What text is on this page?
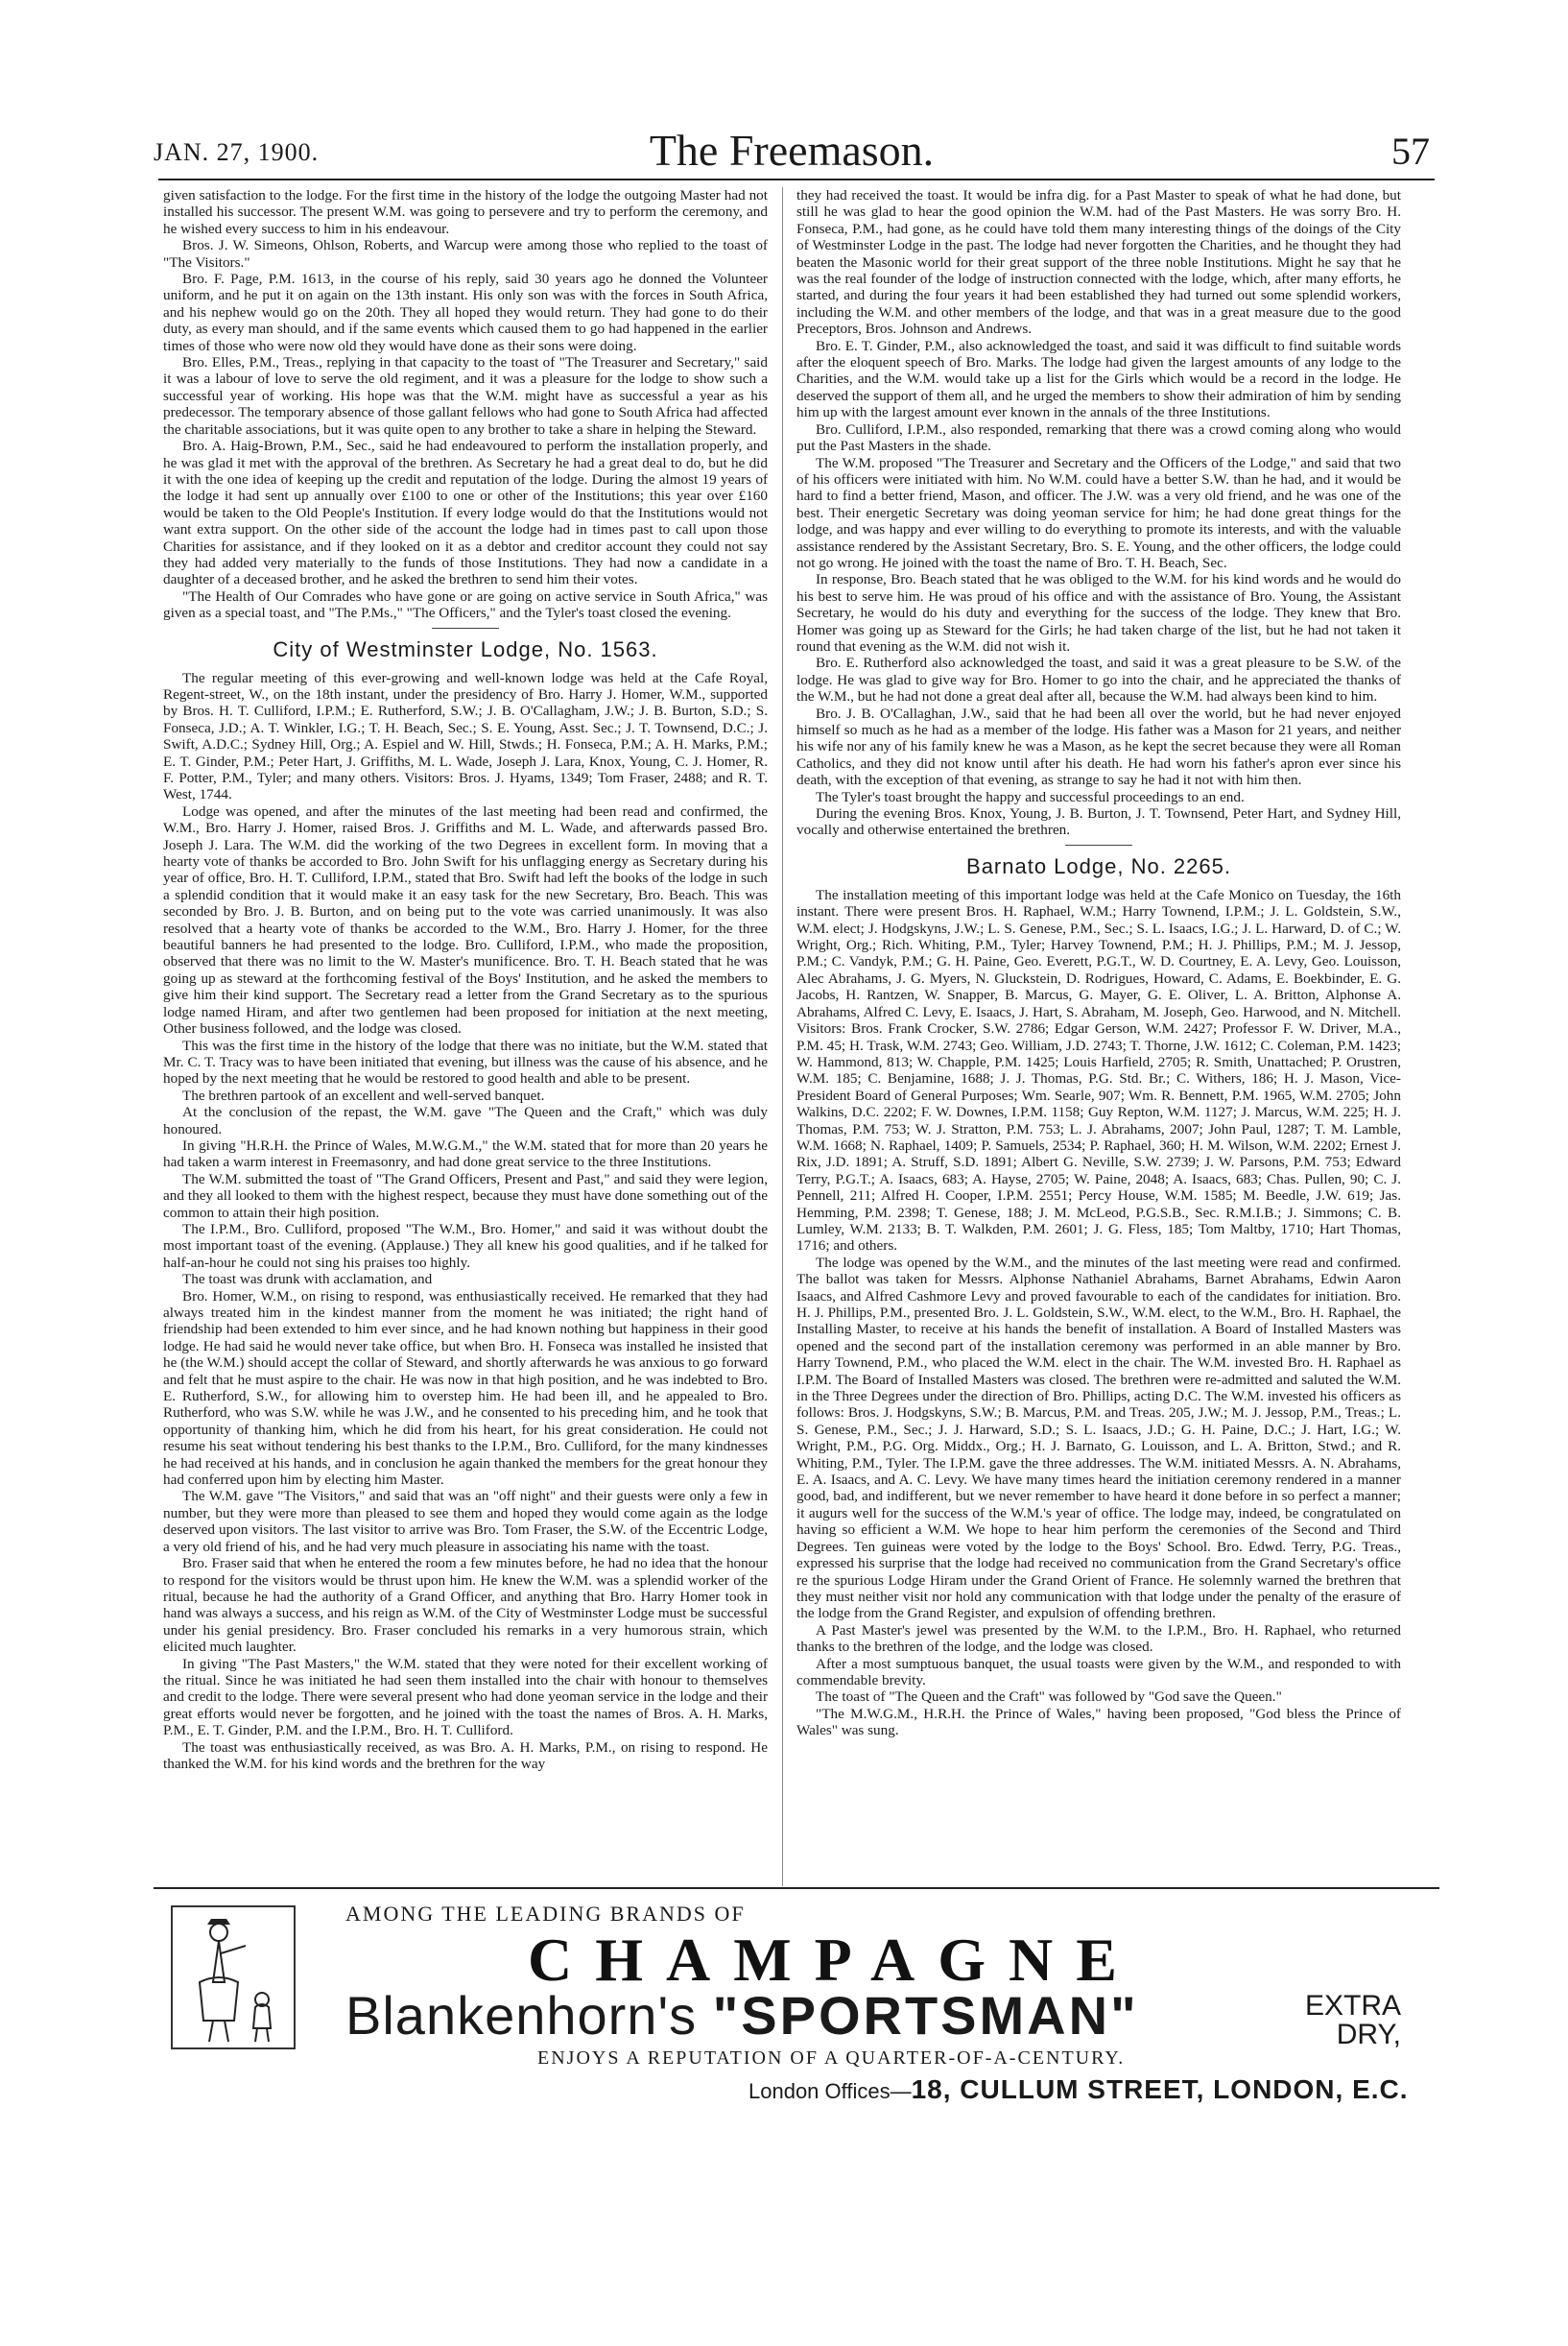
JAN. 27, 1900.	The Freemason.	57

given satisfaction to the lodge. For the first time in the history of the lodge the outgoing Master had not installed his successor. The present W.M. was going to persevere and try to perform the ceremony, and he wished every success to him in his endeavour.

Bros. J. W. Simeons, Ohlson, Roberts, and Warcup were among those who replied to the toast of "The Visitors."

Bro. F. Page, P.M. 1613, in the course of his reply, said 30 years ago he donned the Volunteer uniform, and he put it on again on the 13th instant. His only son was with the forces in South Africa, and his nephew would go on the 20th. They all hoped they would return. They had gone to do their duty, as every man should, and if the same events which caused them to go had happened in the earlier times of those who were now old they would have done as their sons were doing.

Bro. Elles, P.M., Treas., replying in that capacity to the toast of "The Treasurer and Secretary," said it was a labour of love to serve the old regiment, and it was a pleasure for the lodge to show such a successful year of working. His hope was that the W.M. might have as successful a year as his predecessor. The temporary absence of those gallant fellows who had gone to South Africa had affected the charitable associations, but it was quite open to any brother to take a share in helping the Steward.

Bro. A. Haig-Brown, P.M., Sec., said he had endeavoured to perform the installation properly, and he was glad it met with the approval of the brethren. As Secretary he had a great deal to do, but he did it with the one idea of keeping up the credit and reputation of the lodge. During the almost 19 years of the lodge it had sent up annually over £100 to one or other of the Institutions; this year over £160 would be taken to the Old People's Institution. If every lodge would do that the Institutions would not want extra support. On the other side of the account the lodge had in times past to call upon those Charities for assistance, and if they looked on it as a debtor and creditor account they could not say they had added very materially to the funds of those Institutions. They had now a candidate in a daughter of a deceased brother, and he asked the brethren to send him their votes.

"The Health of Our Comrades who have gone or are going on active service in South Africa," was given as a special toast, and "The P.Ms.," "The Officers," and the Tyler's toast closed the evening.

City of Westminster Lodge, No. 1563.

The regular meeting of this ever-growing and well-known lodge was held at the Cafe Royal, Regent-street, W., on the 18th instant, under the presidency of Bro. Harry J. Homer, W.M., supported by Bros. H. T. Culliford, I.P.M.; E. Rutherford, S.W.; J. B. O'Callagham, J.W.; J. B. Burton, S.D.; S. Fonseca, J.D.; A. T. Winkler, I.G.; T. H. Beach, Sec.; S. E. Young, Asst. Sec.; J. T. Townsend, D.C.; J. Swift, A.D.C.; Sydney Hill, Org.; A. Espiel and W. Hill, Stwds.; H. Fonseca, P.M.; A. H. Marks, P.M.; E. T. Ginder, P.M.; Peter Hart, J. Griffiths, M. L. Wade, Joseph J. Lara, Knox, Young, C. J. Homer, R. F. Potter, P.M., Tyler; and many others. Visitors: Bros. J. Hyams, 1349; Tom Fraser, 2488; and R. T. West, 1744.

Lodge was opened, and after the minutes of the last meeting had been read and confirmed, the W.M., Bro. Harry J. Homer, raised Bros. J. Griffiths and M. L. Wade, and afterwards passed Bro. Joseph J. Lara. The W.M. did the working of the two Degrees in excellent form. In moving that a hearty vote of thanks be accorded to Bro. John Swift for his unflagging energy as Secretary during his year of office, Bro. H. T. Culliford, I.P.M., stated that Bro. Swift had left the books of the lodge in such a splendid condition that it would make it an easy task for the new Secretary, Bro. Beach. This was seconded by Bro. J. B. Burton, and on being put to the vote was carried unanimously. It was also resolved that a hearty vote of thanks be accorded to the W.M., Bro. Harry J. Homer, for the three beautiful banners he had presented to the lodge. Bro. Culliford, I.P.M., who made the proposition, observed that there was no limit to the W. Master's munificence. Bro. T. H. Beach stated that he was going up as steward at the forthcoming festival of the Boys' Institution, and he asked the members to give him their kind support. The Secretary read a letter from the Grand Secretary as to the spurious lodge named Hiram, and after two gentlemen had been proposed for initiation at the next meeting, Other business followed, and the lodge was closed.

This was the first time in the history of the lodge that there was no initiate, but the W.M. stated that Mr. C. T. Tracy was to have been initiated that evening, but illness was the cause of his absence, and he hoped by the next meeting that he would be restored to good health and able to be present.

The brethren partook of an excellent and well-served banquet.

At the conclusion of the repast, the W.M. gave "The Queen and the Craft," which was duly honoured.

In giving "H.R.H. the Prince of Wales, M.W.G.M.," the W.M. stated that for more than 20 years he had taken a warm interest in Freemasonry, and had done great service to the three Institutions.

The W.M. submitted the toast of "The Grand Officers, Present and Past," and said they were legion, and they all looked to them with the highest respect, because they must have done something out of the common to attain their high position.

The I.P.M., Bro. Culliford, proposed "The W.M., Bro. Homer," and said it was without doubt the most important toast of the evening. (Applause.) They all knew his good qualities, and if he talked for half-an-hour he could not sing his praises too highly.

The toast was drunk with acclamation, and

Bro. Homer, W.M., on rising to respond, was enthusiastically received. He remarked that they had always treated him in the kindest manner from the moment he was initiated; the right hand of friendship had been extended to him ever since, and he had known nothing but happiness in their good lodge. He had said he would never take office, but when Bro. H. Fonseca was installed he insisted that he (the W.M.) should accept the collar of Steward, and shortly afterwards he was anxious to go forward and felt that he must aspire to the chair. He was now in that high position, and he was indebted to Bro. E. Rutherford, S.W., for allowing him to overstep him. He had been ill, and he appealed to Bro. Rutherford, who was S.W. while he was J.W., and he consented to his preceding him, and he took that opportunity of thanking him, which he did from his heart, for his great consideration. He could not resume his seat without tendering his best thanks to the I.P.M., Bro. Culliford, for the many kindnesses he had received at his hands, and in conclusion he again thanked the members for the great honour they had conferred upon him by electing him Master.

The W.M. gave "The Visitors," and said that was an "off night" and their guests were only a few in number, but they were more than pleased to see them and hoped they would come again as the lodge deserved upon visitors. The last visitor to arrive was Bro. Tom Fraser, the S.W. of the Eccentric Lodge, a very old friend of his, and he had very much pleasure in associating his name with the toast.

Bro. Fraser said that when he entered the room a few minutes before, he had no idea that the honour to respond for the visitors would be thrust upon him. He knew the W.M. was a splendid worker of the ritual, because he had the authority of a Grand Officer, and anything that Bro. Harry Homer took in hand was always a success, and his reign as W.M. of the City of Westminster Lodge must be successful under his genial presidency. Bro. Fraser concluded his remarks in a very humorous strain, which elicited much laughter.

In giving "The Past Masters," the W.M. stated that they were noted for their excellent working of the ritual. Since he was initiated he had seen them installed into the chair with honour to themselves and credit to the lodge. There were several present who had done yeoman service in the lodge and their great efforts would never be forgotten, and he joined with the toast the names of Bros. A. H. Marks, P.M., E. T. Ginder, P.M. and the I.P.M., Bro. H. T. Culliford.

The toast was enthusiastically received, as was Bro. A. H. Marks, P.M., on rising to respond. He thanked the W.M. for his kind words and the brethren for the way

they had received the toast. It would be infra dig. for a Past Master to speak of what he had done, but still he was glad to hear the good opinion the W.M. had of the Past Masters. He was sorry Bro. H. Fonseca, P.M., had gone, as he could have told them many interesting things of the doings of the City of Westminster Lodge in the past. The lodge had never forgotten the Charities, and he thought they had beaten the Masonic world for their great support of the three noble Institutions. Might he say that he was the real founder of the lodge of instruction connected with the lodge, which, after many efforts, he started, and during the four years it had been established they had turned out some splendid workers, including the W.M. and other members of the lodge, and that was in a great measure due to the good Preceptors, Bros. Johnson and Andrews.

Bro. E. T. Ginder, P.M., also acknowledged the toast, and said it was difficult to find suitable words after the eloquent speech of Bro. Marks. The lodge had given the largest amounts of any lodge to the Charities, and the W.M. would take up a list for the Girls which would be a record in the lodge. He deserved the support of them all, and he urged the members to show their admiration of him by sending him up with the largest amount ever known in the annals of the three Institutions.

Bro. Culliford, I.P.M., also responded, remarking that there was a crowd coming along who would put the Past Masters in the shade.

The W.M. proposed "The Treasurer and Secretary and the Officers of the Lodge," and said that two of his officers were initiated with him. No W.M. could have a better S.W. than he had, and it would be hard to find a better friend, Mason, and officer. The J.W. was a very old friend, and he was one of the best. Their energetic Secretary was doing yeoman service for him; he had done great things for the lodge, and was happy and ever willing to do everything to promote its interests, and with the valuable assistance rendered by the Assistant Secretary, Bro. S. E. Young, and the other officers, the lodge could not go wrong. He joined with the toast the name of Bro. T. H. Beach, Sec.

In response, Bro. Beach stated that he was obliged to the W.M. for his kind words and he would do his best to serve him. He was proud of his office and with the assistance of Bro. Young, the Assistant Secretary, he would do his duty and everything for the success of the lodge. They knew that Bro. Homer was going up as Steward for the Girls; he had taken charge of the list, but he had not taken it round that evening as the W.M. did not wish it.

Bro. E. Rutherford also acknowledged the toast, and said it was a great pleasure to be S.W. of the lodge. He was glad to give way for Bro. Homer to go into the chair, and he appreciated the thanks of the W.M., but he had not done a great deal after all, because the W.M. had always been kind to him.

Bro. J. B. O'Callaghan, J.W., said that he had been all over the world, but he had never enjoyed himself so much as he had as a member of the lodge. His father was a Mason for 21 years, and neither his wife nor any of his family knew he was a Mason, as he kept the secret because they were all Roman Catholics, and they did not know until after his death. He had worn his father's apron ever since his death, with the exception of that evening, as strange to say he had it not with him then.

The Tyler's toast brought the happy and successful proceedings to an end.

During the evening Bros. Knox, Young, J. B. Burton, J. T. Townsend, Peter Hart, and Sydney Hill, vocally and otherwise entertained the brethren.

Barnato Lodge, No. 2265.

The installation meeting of this important lodge was held at the Cafe Monico on Tuesday, the 16th instant. There were present Bros. H. Raphael, W.M.; Harry Townend, I.P.M.; J. L. Goldstein, S.W., W.M. elect; J. Hodgskyns, J.W.; L. S. Genese, P.M., Sec.; S. L. Isaacs, I.G.; J. L. Harward, D. of C.; W. Wright, Org.; Rich. Whiting, P.M., Tyler; Harvey Townend, P.M.; H. J. Phillips, P.M.; M. J. Jessop, P.M.; C. Vandyk, P.M.; G. H. Paine, Geo. Everett, P.G.T., W. D. Courtney, E. A. Levy, Geo. Louisson, Alec Abrahams, J. G. Myers, N. Gluckstein, D. Rodrigues, Howard, C. Adams, E. Boekbinder, E. G. Jacobs, H. Rantzen, W. Snapper, B. Marcus, G. Mayer, G. E. Oliver, L. A. Britton, Alphonse A. Abrahams, Alfred C. Levy, E. Isaacs, J. Hart, S. Abraham, M. Joseph, Geo. Harwood, and N. Mitchell. Visitors: Bros. Frank Crocker, S.W. 2786; Edgar Gerson, W.M. 2427; Professor F. W. Driver, M.A., P.M. 45; H. Trask, W.M. 2743; Geo. William, J.D. 2743; T. Thorne, J.W. 1612; C. Coleman, P.M. 1423; W. Hammond, 813; W. Chapple, P.M. 1425; Louis Harfield, 2705; R. Smith, Unattached; P. Orustren, W.M. 185; C. Benjamine, 1688; J. J. Thomas, P.G. Std. Br.; C. Withers, 186; H. J. Mason, Vice-President Board of General Purposes; Wm. Searle, 907; Wm. R. Bennett, P.M. 1965, W.M. 2705; John Walkins, D.C. 2202; F. W. Downes, I.P.M. 1158; Guy Repton, W.M. 1127; J. Marcus, W.M. 225; H. J. Thomas, P.M. 753; W. J. Stratton, P.M. 753; L. J. Abrahams, 2007; John Paul, 1287; T. M. Lamble, W.M. 1668; N. Raphael, 1409; P. Samuels, 2534; P. Raphael, 360; H. M. Wilson, W.M. 2202; Ernest J. Rix, J.D. 1891; A. Struff, S.D. 1891; Albert G. Neville, S.W. 2739; J. W. Parsons, P.M. 753; Edward Terry, P.G.T.; A. Isaacs, 683; A. Hayse, 2705; W. Paine, 2048; A. Isaacs, 683; Chas. Pullen, 90; C. J. Pennell, 211; Alfred H. Cooper, I.P.M. 2551; Percy House, W.M. 1585; M. Beedle, J.W. 619; Jas. Hemming, P.M. 2398; T. Genese, 188; J. M. McLeod, P.G.S.B., Sec. R.M.I.B.; J. Simmons; C. B. Lumley, W.M. 2133; B. T. Walkden, P.M. 2601; J. G. Fless, 185; Tom Maltby, 1710; Hart Thomas, 1716; and others.

The lodge was opened by the W.M., and the minutes of the last meeting were read and confirmed. The ballot was taken for Messrs. Alphonse Nathaniel Abrahams, Barnet Abrahams, Edwin Aaron Isaacs, and Alfred Cashmore Levy and proved favourable to each of the candidates for initiation. Bro. H. J. Phillips, P.M., presented Bro. J. L. Goldstein, S.W., W.M. elect, to the W.M., Bro. H. Raphael, the Installing Master, to receive at his hands the benefit of installation. A Board of Installed Masters was opened and the second part of the installation ceremony was performed in an able manner by Bro. Harry Townend, P.M., who placed the W.M. elect in the chair. The W.M. invested Bro. H. Raphael as I.P.M. The Board of Installed Masters was closed. The brethren were re-admitted and saluted the W.M. in the Three Degrees under the direction of Bro. Phillips, acting D.C. The W.M. invested his officers as follows: Bros. J. Hodgskyns, S.W.; B. Marcus, P.M. and Treas. 205, J.W.; M. J. Jessop, P.M., Treas.; L. S. Genese, P.M., Sec.; J. J. Harward, S.D.; S. L. Isaacs, J.D.; G. H. Paine, D.C.; J. Hart, I.G.; W. Wright, P.M., P.G. Org. Middx., Org.; H. J. Barnato, G. Louisson, and L. A. Britton, Stwd.; and R. Whiting, P.M., Tyler. The I.P.M. gave the three addresses. The W.M. initiated Messrs. A. N. Abrahams, E. A. Isaacs, and A. C. Levy. We have many times heard the initiation ceremony rendered in a manner good, bad, and indifferent, but we never remember to have heard it done before in so perfect a manner; it augurs well for the success of the W.M.'s year of office. The lodge may, indeed, be congratulated on having so efficient a W.M. We hope to hear him perform the ceremonies of the Second and Third Degrees. Ten guineas were voted by the lodge to the Boys' School. Bro. Edwd. Terry, P.G. Treas., expressed his surprise that the lodge had received no communication from the Grand Secretary's office re the spurious Lodge Hiram under the Grand Orient of France. He solemnly warned the brethren that they must neither visit nor hold any communication with that lodge under the penalty of the erasure of the lodge from the Grand Register, and expulsion of offending brethren.

A Past Master's jewel was presented by the W.M. to the I.P.M., Bro. H. Raphael, who returned thanks to the brethren of the lodge, and the lodge was closed.

After a most sumptuous banquet, the usual toasts were given by the W.M., and responded to with commendable brevity.

The toast of "The Queen and the Craft" was followed by "God save the Queen."

"The M.W.G.M., H.R.H. the Prince of Wales," having been proposed, "God bless the Prince of Wales" was sung.

AMONG THE LEADING BRANDS OF
CHAMPAGNE
Blankenhorn's "SPORTSMAN"	EXTRA
DRY,
ENJOYS A REPUTATION OF A QUARTER-OF-A-CENTURY.
London Offices—18, CULLUM STREET, LONDON, E.C.
